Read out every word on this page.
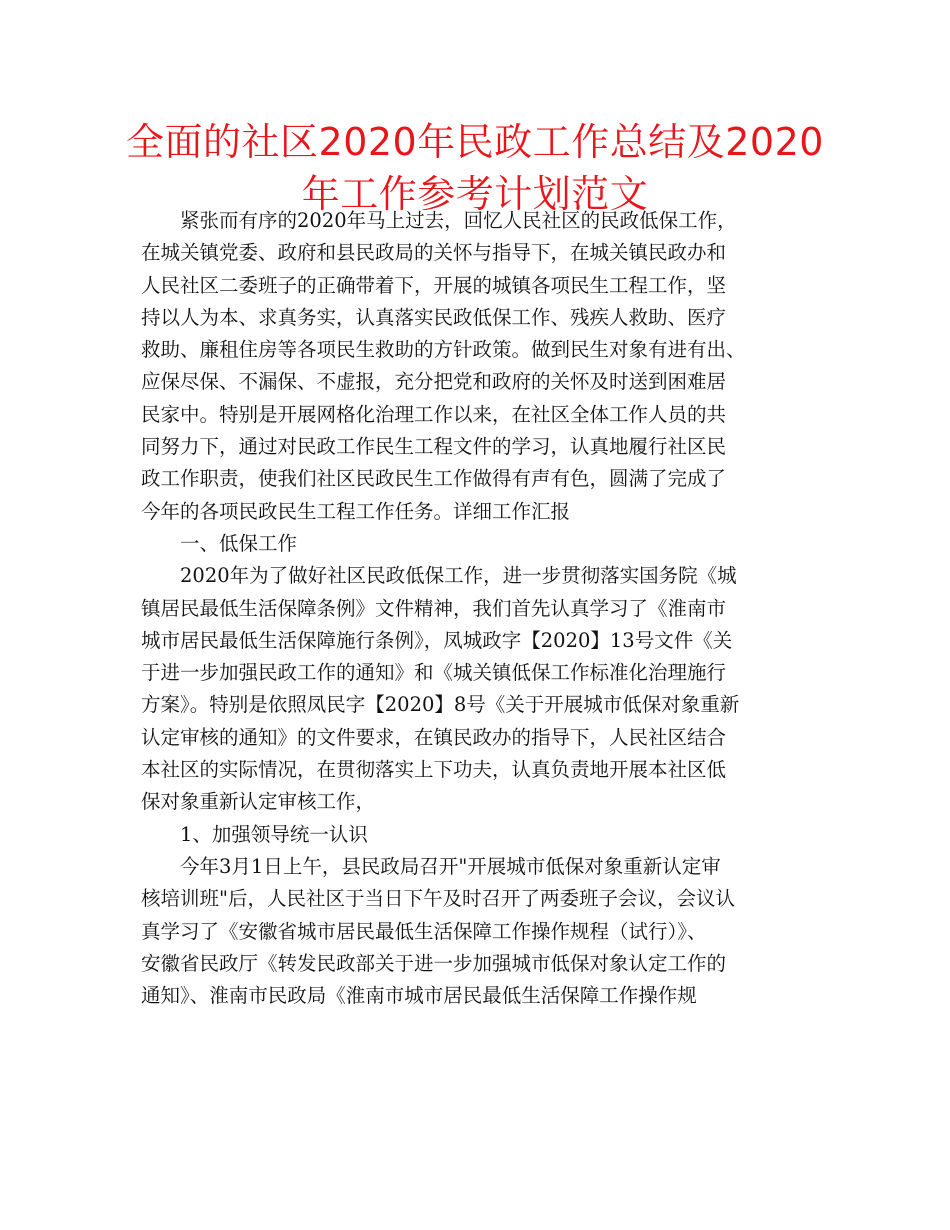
全面的社区2020年民政工作总结及2020年工作参考计划范文
紧张而有序的2020年马上过去，回忆人民社区的民政低保工作，
在城关镇党委、政府和县民政局的关怀与指导下，在城关镇民政办和
人民社区二委班子的正确带着下，开展的城镇各项民生工程工作，坚
持以人为本、求真务实，认真落实民政低保工作、残疾人救助、医疗
救助、廉租住房等各项民生救助的方针政策。做到民生对象有进有出、
应保尽保、不漏保、不虚报，充分把党和政府的关怀及时送到困难居
民家中。特别是开展网格化治理工作以来，在社区全体工作人员的共
同努力下，通过对民政工作民生工程文件的学习，认真地履行社区民
政工作职责，使我们社区民政民生工作做得有声有色，圆满了完成了
今年的各项民政民生工程工作任务。详细工作汇报

一、低保工作

2020年为了做好社区民政低保工作，进一步贯彻落实国务院《城
镇居民最低生活保障条例》文件精神，我们首先认真学习了《淮南市
城市居民最低生活保障施行条例》，凤城政字【2020】13号文件《关
于进一步加强民政工作的通知》和《城关镇低保工作标准化治理施行
方案》。特别是依照凤民字【2020】8号《关于开展城市低保对象重新
认定审核的通知》的文件要求，在镇民政办的指导下，人民社区结合
本社区的实际情况，在贯彻落实上下功夫，认真负责地开展本社区低
保对象重新认定审核工作，

1、加强领导统一认识

今年3月1日上午，县民政局召开"开展城市低保对象重新认定审
核培训班"后，人民社区于当日下午及时召开了两委班子会议，会议认
真学习了《安徽省城市居民最低生活保障工作操作规程（试行）》、
安徽省民政厅《转发民政部关于进一步加强城市低保对象认定工作的
通知》、淮南市民政局《淮南市城市居民最低生活保障工作操作规
